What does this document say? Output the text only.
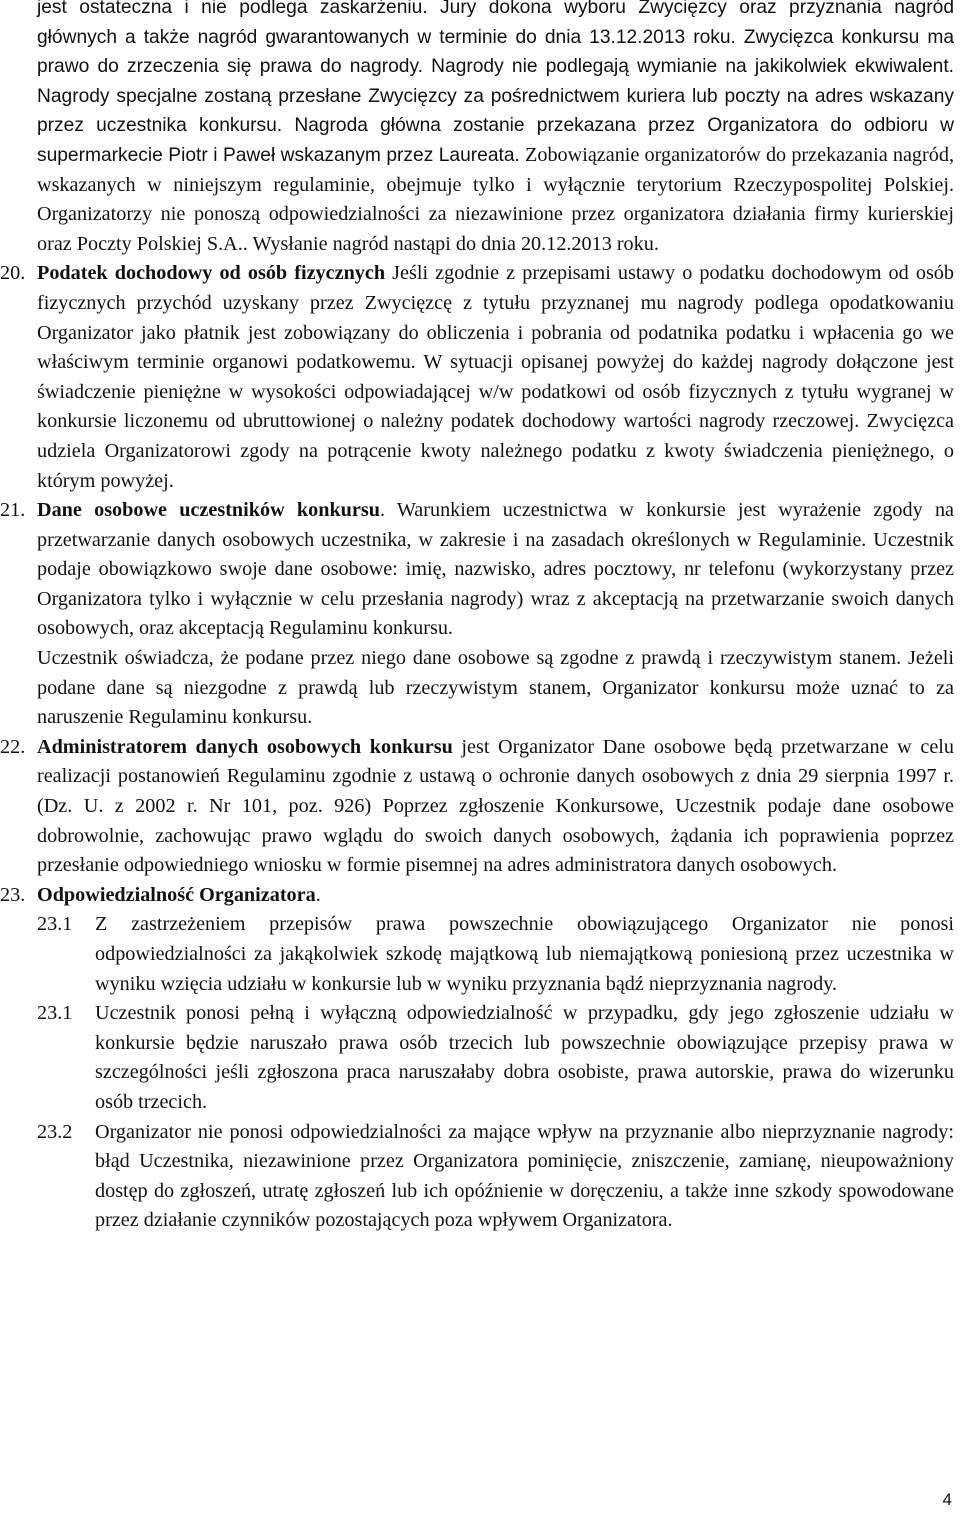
jest ostateczna i nie podlega zaskarżeniu. Jury dokona wyboru Zwycięzcy oraz przyznania nagród głównych a także nagród gwarantowanych w terminie do dnia 13.12.2013 roku. Zwycięzca konkursu ma prawo do zrzeczenia się prawa do nagrody. Nagrody nie podlegają wymianie na jakikolwiek ekwiwalent. Nagrody specjalne zostaną przesłane Zwycięzcy za pośrednictwem kuriera lub poczty na adres wskazany przez uczestnika konkursu. Nagroda główna zostanie przekazana przez Organizatora do odbioru w supermarkecie Piotr i Paweł wskazanym przez Laureata. Zobowiązanie organizatorów do przekazania nagród, wskazanych w niniejszym regulaminie, obejmuje tylko i wyłącznie terytorium Rzeczypospolitej Polskiej. Organizatorzy nie ponoszą odpowiedzialności za niezawinione przez organizatora działania firmy kurierskiej oraz Poczty Polskiej S.A.. Wysłanie nagród nastąpi do dnia 20.12.2013 roku.

20. Podatek dochodowy od osób fizycznych Jeśli zgodnie z przepisami ustawy o podatku dochodowym od osób fizycznych przychód uzyskany przez Zwycięzcę z tytułu przyznanej mu nagrody podlega opodatkowaniu Organizator jako płatnik jest zobowiązany do obliczenia i pobrania od podatnika podatku i wpłacenia go we właściwym terminie organowi podatkowemu. W sytuacji opisanej powyżej do każdej nagrody dołączone jest świadczenie pieniężne w wysokości odpowiadającej w/w podatkowi od osób fizycznych z tytułu wygranej w konkursie liczonemu od ubruttowionej o należny podatek dochodowy wartości nagrody rzeczowej. Zwycięzca udziela Organizatorowi zgody na potrącenie kwoty należnego podatku z kwoty świadczenia pieniężnego, o którym powyżej.

21. Dane osobowe uczestników konkursu. Warunkiem uczestnictwa w konkursie jest wyrażenie zgody na przetwarzanie danych osobowych uczestnika, w zakresie i na zasadach określonych w Regulaminie. Uczestnik podaje obowiązkowo swoje dane osobowe: imię, nazwisko, adres pocztowy, nr telefonu (wykorzystany przez Organizatora tylko i wyłącznie w celu przesłania nagrody) wraz z akceptacją na przetwarzanie swoich danych osobowych, oraz akceptacją Regulaminu konkursu.

Uczestnik oświadcza, że podane przez niego dane osobowe są zgodne z prawdą i rzeczywistym stanem. Jeżeli podane dane są niezgodne z prawdą lub rzeczywistym stanem, Organizator konkursu może uznać to za naruszenie Regulaminu konkursu.

22. Administratorem danych osobowych konkursu jest Organizator Dane osobowe będą przetwarzane w celu realizacji postanowień Regulaminu zgodnie z ustawą o ochronie danych osobowych z dnia 29 sierpnia 1997 r. (Dz. U. z 2002 r. Nr 101, poz. 926) Poprzez zgłoszenie Konkursowe, Uczestnik podaje dane osobowe dobrowolnie, zachowując prawo wglądu do swoich danych osobowych, żądania ich poprawienia poprzez przesłanie odpowiedniego wniosku w formie pisemnej na adres administratora danych osobowych.

23. Odpowiedzialność Organizatora.

23.1 Z zastrzeżeniem przepisów prawa powszechnie obowiązującego Organizator nie ponosi odpowiedzialności za jakąkolwiek szkodę majątkową lub niemajątkową poniesioną przez uczestnika w wyniku wzięcia udziału w konkursie lub w wyniku przyznania bądź nieprzyznania nagrody.

23.1 Uczestnik ponosi pełną i wyłączną odpowiedzialność w przypadku, gdy jego zgłoszenie udziału w konkursie będzie naruszało prawa osób trzecich lub powszechnie obowiązujące przepisy prawa w szczególności jeśli zgłoszona praca naruszałaby dobra osobiste, prawa autorskie, prawa do wizerunku osób trzecich.

23.2 Organizator nie ponosi odpowiedzialności za mające wpływ na przyznanie albo nieprzyznanie nagrody: błąd Uczestnika, niezawinione przez Organizatora pominięcie, zniszczenie, zamianę, nieupoważniony dostęp do zgłoszeń, utratę zgłoszeń lub ich opóźnienie w doręczeniu, a także inne szkody spowodowane przez działanie czynników pozostających poza wpływem Organizatora.

4
